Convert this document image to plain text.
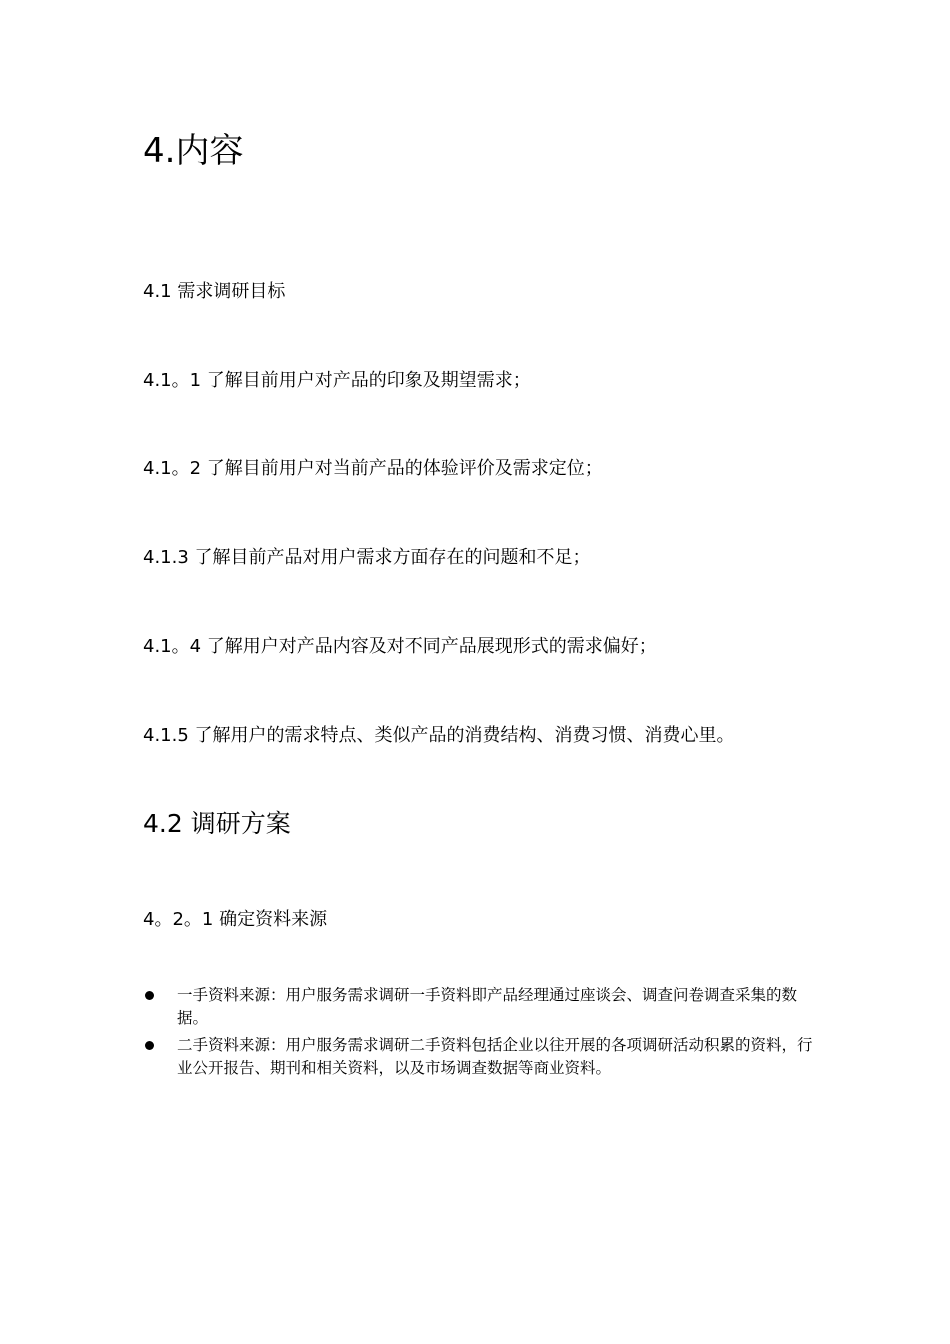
4.内容
4.1 需求调研目标
4.1。1 了解目前用户对产品的印象及期望需求；
4.1。2 了解目前用户对当前产品的体验评价及需求定位；
4.1.3 了解目前产品对用户需求方面存在的问题和不足；
4.1。4 了解用户对产品内容及对不同产品展现形式的需求偏好；
4.1.5 了解用户的需求特点、类似产品的消费结构、消费习惯、消费心里。
4.2 调研方案
4。2。1 确定资料来源
一手资料来源：用户服务需求调研一手资料即产品经理通过座谈会、调查问卷调查采集的数据。
二手资料来源：用户服务需求调研二手资料包括企业以往开展的各项调研活动积累的资料，行业公开报告、期刊和相关资料，以及市场调查数据等商业资料。
